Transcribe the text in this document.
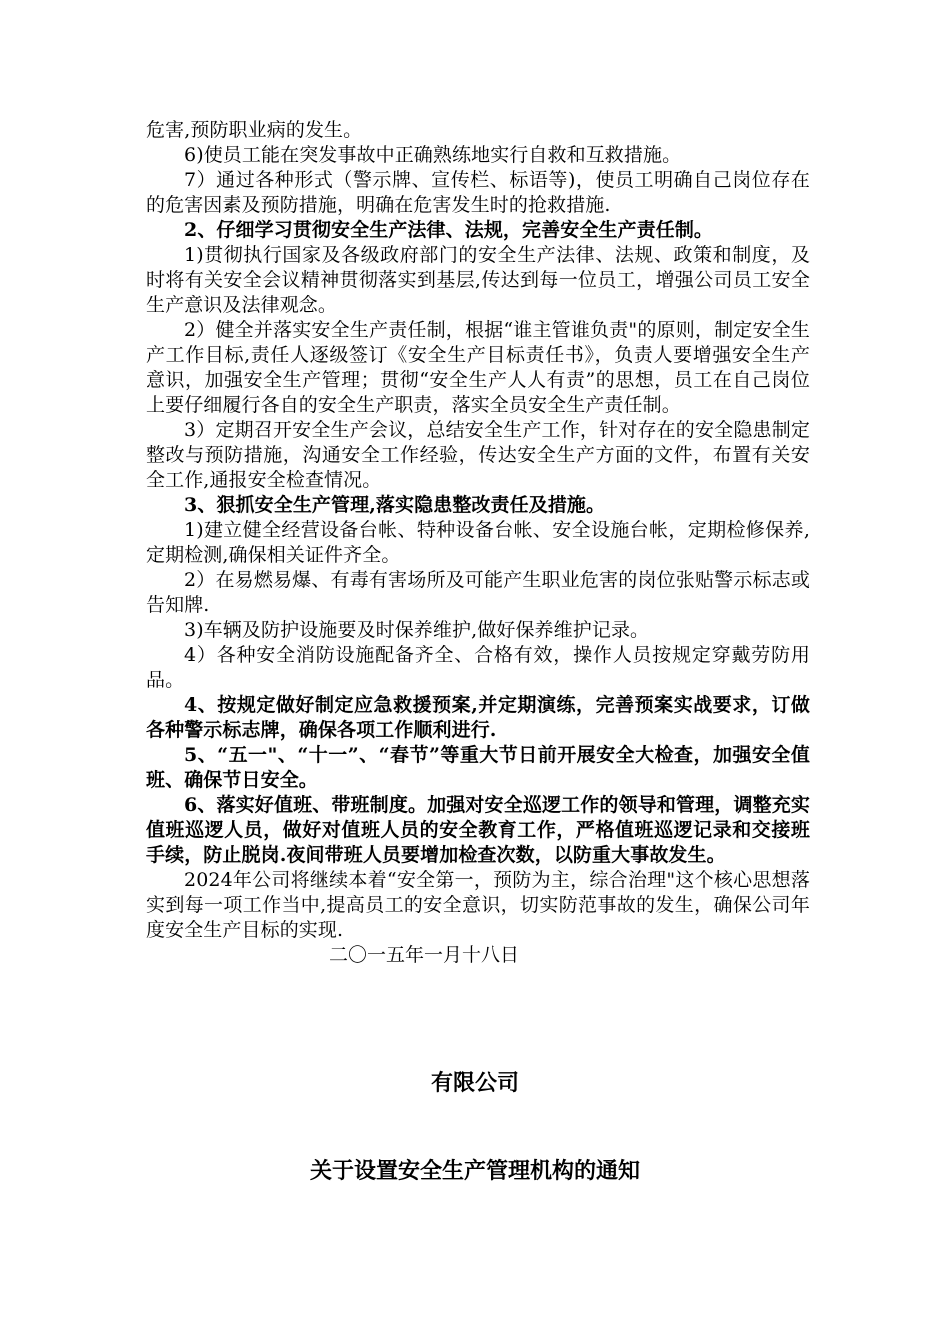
危害,预防职业病的发生。

6)使员工能在突发事故中正确熟练地实行自救和互救措施。

7）通过各种形式（警示牌、宣传栏、标语等)，使员工明确自己岗位存在的危害因素及预防措施，明确在危害发生时的抢救措施.

2、仔细学习贯彻安全生产法律、法规，完善安全生产责任制。

1)贯彻执行国家及各级政府部门的安全生产法律、法规、政策和制度，及时将有关安全会议精神贯彻落实到基层,传达到每一位员工，增强公司员工安全生产意识及法律观念。

2）健全并落实安全生产责任制，根据“谁主管谁负责"的原则，制定安全生产工作目标,责任人逐级签订《安全生产目标责任书》，负责人要增强安全生产意识，加强安全生产管理；贯彻“安全生产人人有责”的思想，员工在自己岗位上要仔细履行各自的安全生产职责，落实全员安全生产责任制。

3）定期召开安全生产会议，总结安全生产工作，针对存在的安全隐患制定整改与预防措施，沟通安全工作经验，传达安全生产方面的文件，布置有关安全工作,通报安全检查情况。

3、狠抓安全生产管理,落实隐患整改责任及措施。

1)建立健全经营设备台帐、特种设备台帐、安全设施台帐，定期检修保养,定期检测,确保相关证件齐全。

2）在易燃易爆、有毒有害场所及可能产生职业危害的岗位张贴警示标志或告知牌.

3)车辆及防护设施要及时保养维护,做好保养维护记录。

4）各种安全消防设施配备齐全、合格有效，操作人员按规定穿戴劳防用品。

4、按规定做好制定应急救援预案,并定期演练，完善预案实战要求，订做各种警示标志牌，确保各项工作顺利进行.

5、“五一"、“十一”、“春节”等重大节日前开展安全大检查，加强安全值班、确保节日安全。

6、落实好值班、带班制度。加强对安全巡逻工作的领导和管理，调整充实值班巡逻人员，做好对值班人员的安全教育工作，严格值班巡逻记录和交接班手续，防止脱岗.夜间带班人员要增加检查次数，以防重大事故发生。

2024年公司将继续本着“安全第一，预防为主，综合治理"这个核心思想落实到每一项工作当中,提高员工的安全意识，切实防范事故的发生，确保公司年度安全生产目标的实现.

二〇一五年一月十八日

有限公司
关于设置安全生产管理机构的通知
